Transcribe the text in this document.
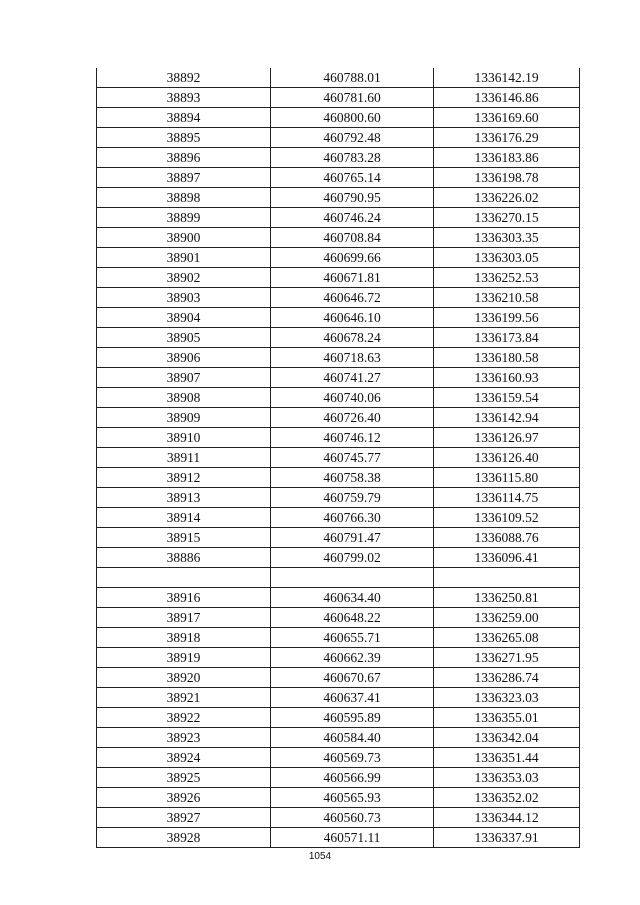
38892	460788.01	1336142.19
38893	460781.60	1336146.86
38894	460800.60	1336169.60
38895	460792.48	1336176.29
38896	460783.28	1336183.86
38897	460765.14	1336198.78
38898	460790.95	1336226.02
38899	460746.24	1336270.15
38900	460708.84	1336303.35
38901	460699.66	1336303.05
38902	460671.81	1336252.53
38903	460646.72	1336210.58
38904	460646.10	1336199.56
38905	460678.24	1336173.84
38906	460718.63	1336180.58
38907	460741.27	1336160.93
38908	460740.06	1336159.54
38909	460726.40	1336142.94
38910	460746.12	1336126.97
38911	460745.77	1336126.40
38912	460758.38	1336115.80
38913	460759.79	1336114.75
38914	460766.30	1336109.52
38915	460791.47	1336088.76
38886	460799.02	1336096.41

38916	460634.40	1336250.81
38917	460648.22	1336259.00
38918	460655.71	1336265.08
38919	460662.39	1336271.95
38920	460670.67	1336286.74
38921	460637.41	1336323.03
38922	460595.89	1336355.01
38923	460584.40	1336342.04
38924	460569.73	1336351.44
38925	460566.99	1336353.03
38926	460565.93	1336352.02
38927	460560.73	1336344.12
38928	460571.11	1336337.91
1054
